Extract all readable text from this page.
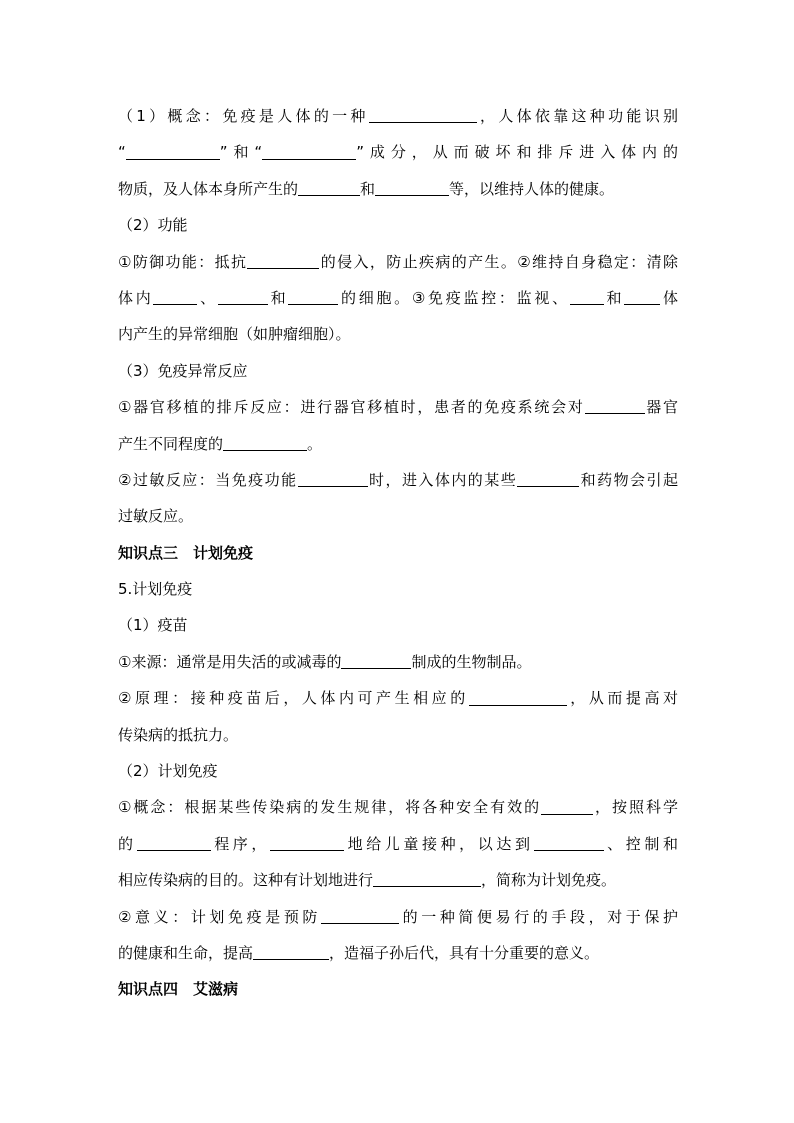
（1）概念：免疫是人体的一种	，人体依靠这种功能识别
“	”和“	”成分，从而破坏和排斥进入体内的
物质，及人体本身所产生的	和	等，以维持人体的健康。
（2）功能
①防御功能：抵抗	的侵入，防止疾病的产生。②维持自身稳定：清除
体内	、	和	的细胞。③免疫监控：监视、 和 体
内产生的异常细胞（如肿瘤细胞）。
（3）免疫异常反应
①器官移植的排斥反应：进行器官移植时，患者的免疫系统会对	器官
产生不同程度的	。
②过敏反应：当免疫功能	时，进入体内的某些	和药物会引起
过敏反应。
知识点三　计划免疫
5.计划免疫
（1）疫苗
①来源：通常是用失活的或减毒的	制成的生物制品。
②原理：接种疫苗后，人体内可产生相应的	，从而提高对
传染病的抵抗力。
（2）计划免疫
①概念：根据某些传染病的发生规律，将各种安全有效的	，按照科学
的	程序，	地给儿童接种，以达到	、控制和
相应传染病的目的。这种有计划地进行	，简称为计划免疫。
②意义：计划免疫是预防	的一种简便易行的手段，对于保护
的健康和生命，提高	，造福子孙后代，具有十分重要的意义。
知识点四　艾滋病
